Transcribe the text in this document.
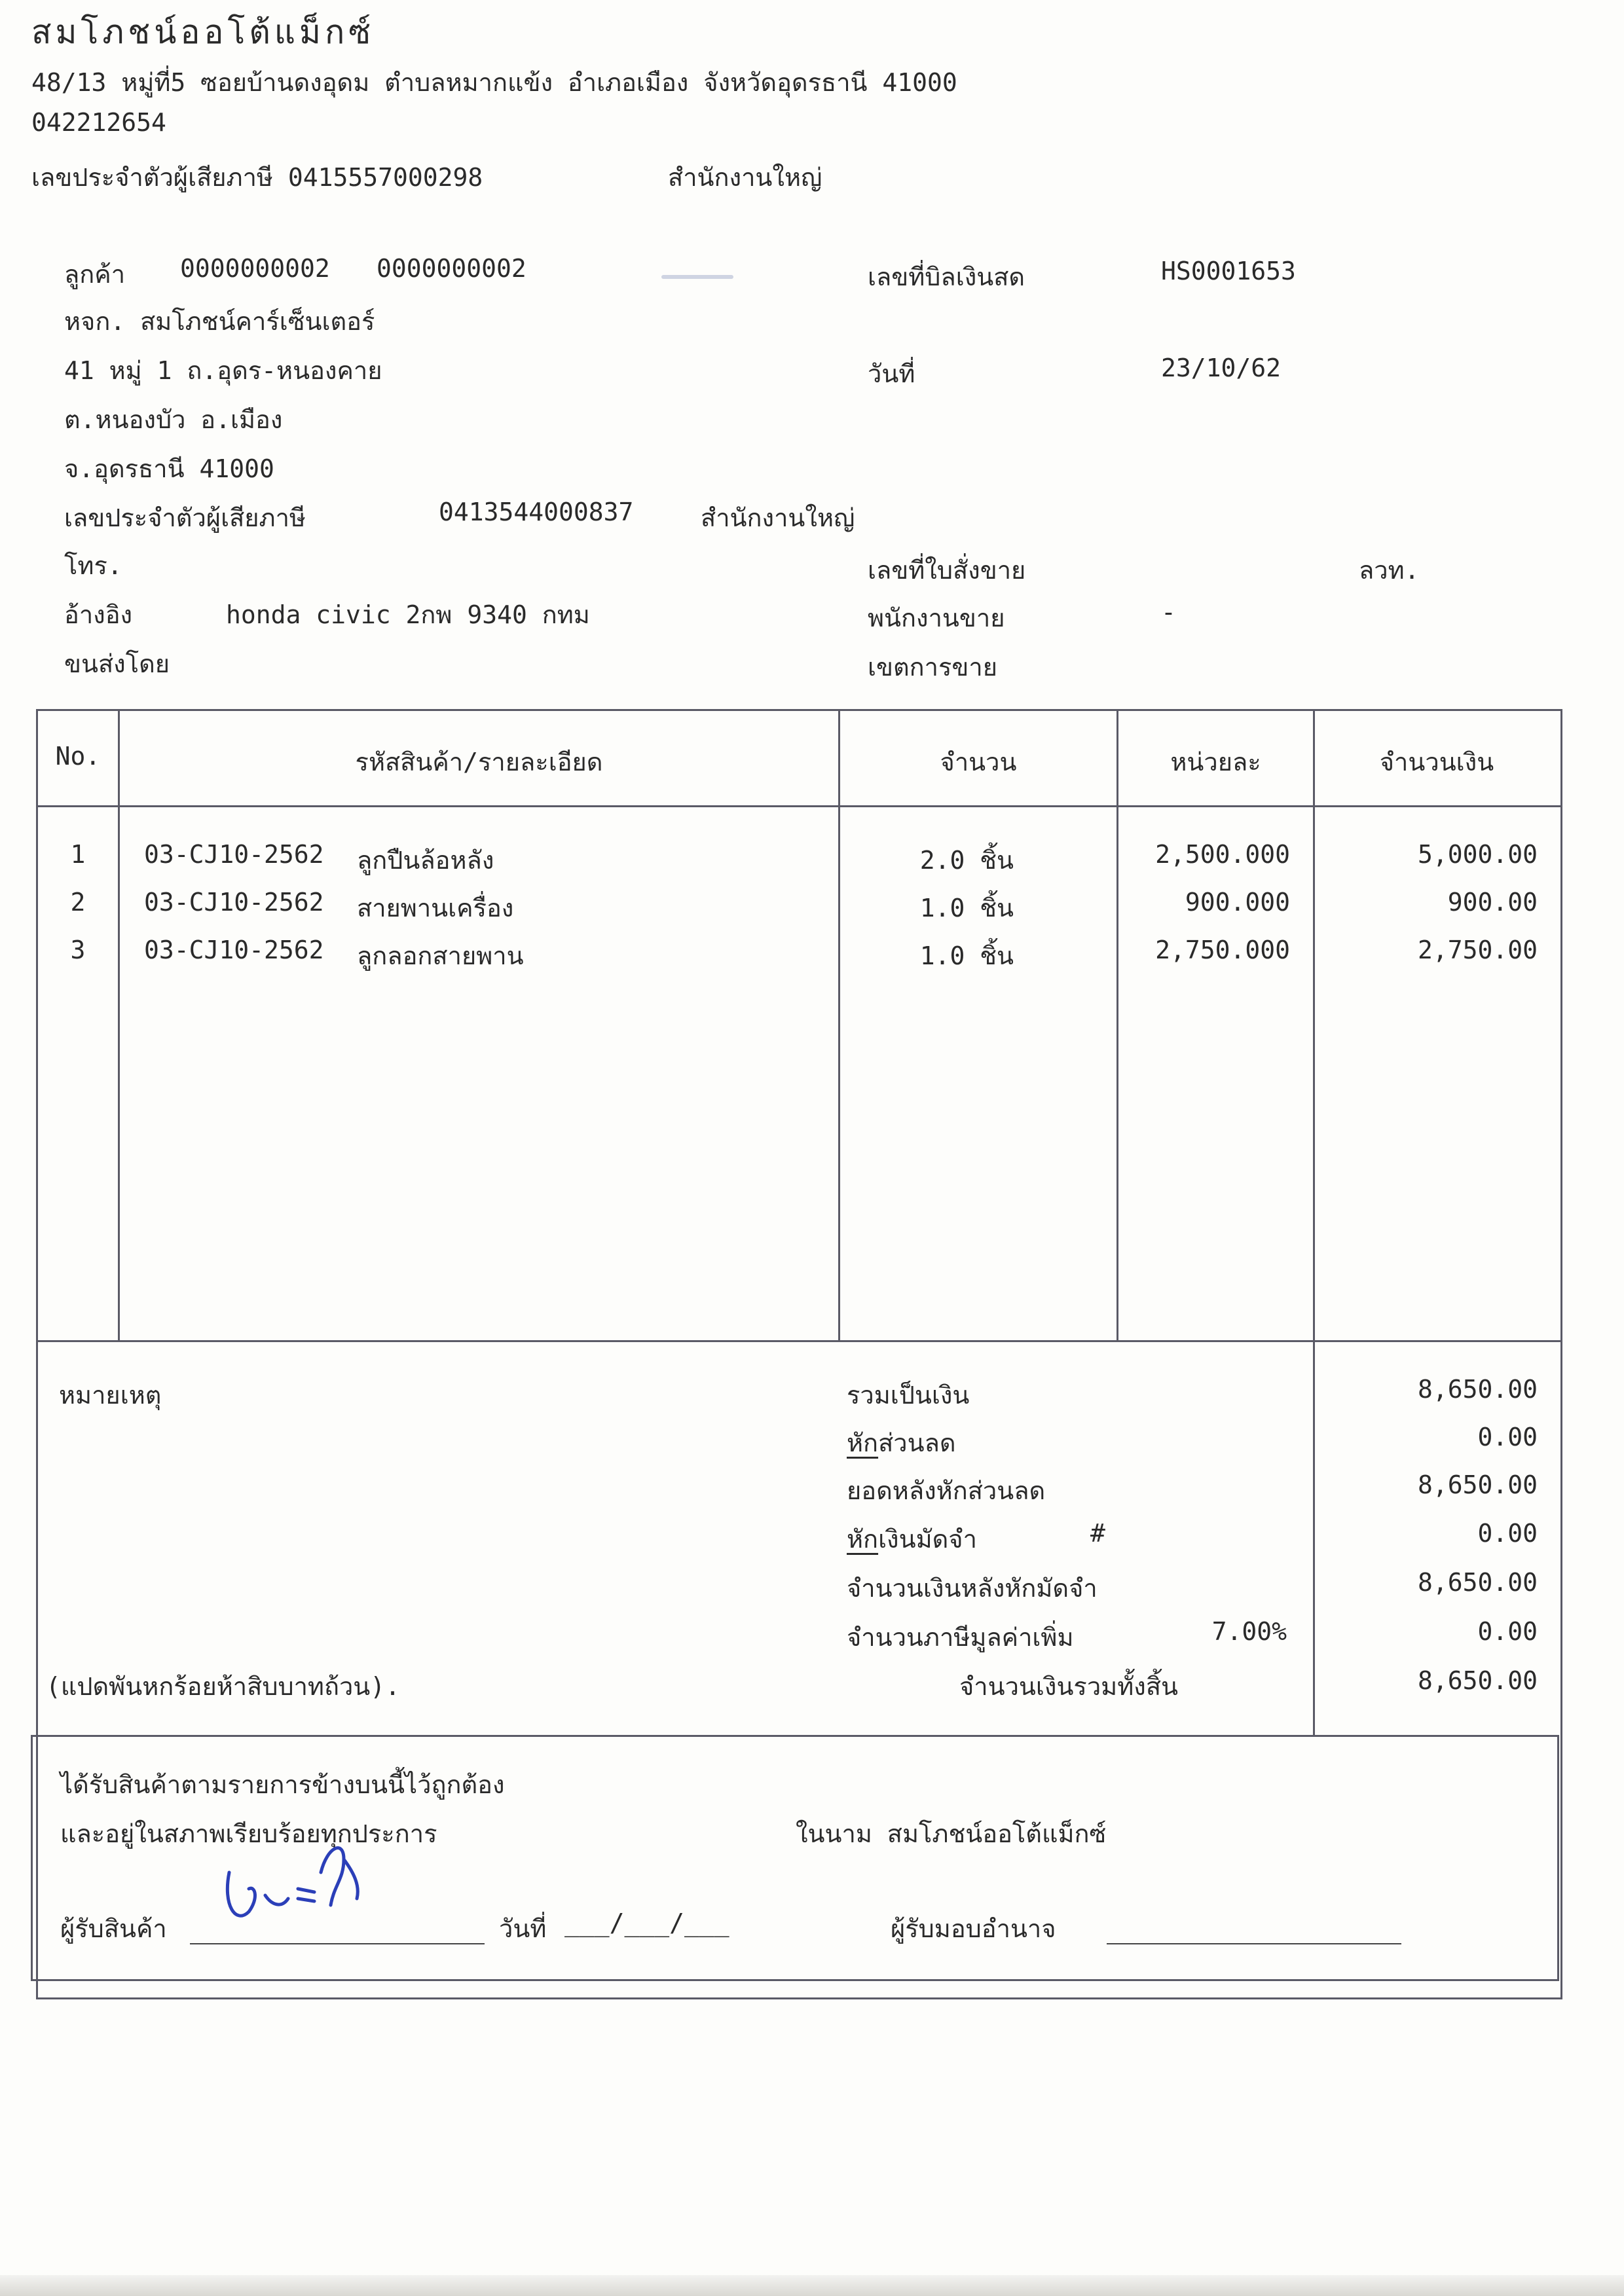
สมโภชน์ออโต้แม็กซ์
48/13 หมู่ที่5 ซอยบ้านดงอุดม ตำบลหมากแข้ง อำเภอเมือง จังหวัดอุดรธานี 41000
042212654
เลขประจำตัวผู้เสียภาษี 0415557000298	สำนักงานใหญ่
ลูกค้า 0000000002 0000000002
หจก. สมโภชน์คาร์เซ็นเตอร์
41 หมู่ 1 ถ.อุดร-หนองคาย
ต.หนองบัว อ.เมือง
จ.อุดรธานี 41000
เลขประจำตัวผู้เสียภาษี	0413544000837	สำนักงานใหญ่
โทร.
อ้างอิง	honda civic 2กพ 9340 กทม
ขนส่งโดย
เลขที่บิลเงินสด	HS0001653
วันที่	23/10/62
เลขที่ใบสั่งขาย	ลวท.
พนักงานขาย	-
เขตการขาย
No.	รหัสสินค้า/รายละเอียด	จำนวน	หน่วยละ	จำนวนเงิน
1	03-CJ10-2562 ลูกปืนล้อหลัง	2.0 ชิ้น	2,500.000	5,000.00
2	03-CJ10-2562 สายพานเครื่อง	1.0 ชิ้น	900.000	900.00
3	03-CJ10-2562 ลูกลอกสายพาน	1.0 ชิ้น	2,750.000	2,750.00
หมายเหตุ
(แปดพันหกร้อยห้าสิบบาทถ้วน).
รวมเป็นเงิน	8,650.00
หักส่วนลด	0.00
ยอดหลังหักส่วนลด	8,650.00
หักเงินมัดจำ	#	0.00
จำนวนเงินหลังหักมัดจำ	8,650.00
จำนวนภาษีมูลค่าเพิ่ม	7.00%	0.00
จำนวนเงินรวมทั้งสิ้น	8,650.00
ได้รับสินค้าตามรายการข้างบนนี้ไว้ถูกต้อง
และอยู่ในสภาพเรียบร้อยทุกประการ	ในนาม สมโภชน์ออโต้แม็กซ์
ผู้รับสินค้า	วันที่ ___/___/___	ผู้รับมอบอำนาจ
